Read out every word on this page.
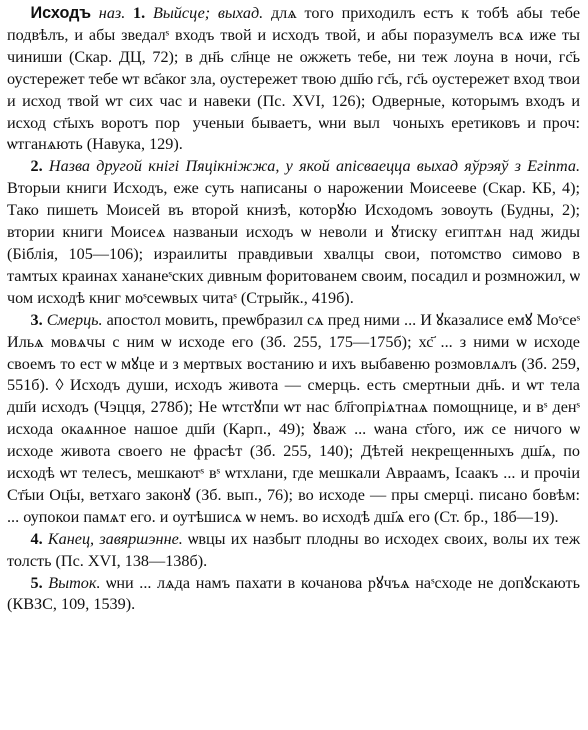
Исходъ наз. 1. Выйсце; выхад. длѧ того приходилъ естъ к тобѣ абы тебе подвѣлъ, и абы зведалˢ входъ твой и исходъ твой, и абы поразумелъ всѧ иже ты чиниши (Скар. ДЦ, 72); в дн҃ь сл҃нце не ожжеть тебе, ни теж лоуна в ночи, гс҃ь оустережет тебе ѡт вс҃акоr зла, оустережет твою дш҃ю гс҃ь, гс҃ь оустережет вход твои и исход твой ѡт сих час и навеки (Пс. XVI, 126); Одверные, которымъ входъ и исход ст҃ыхъ воротъ пор꙽ученыи бываетъ, ѡни вылꙋчоныхъ еретиковъ и проч: ѡтганѧють (Навука, 129).

2. Назва другой кнігі Пяцікніжжа, у якой апісваецца выхад яўрэяў з Егіпта. Вторыи книги Исходъ, еже суть написаны о нарожении Моисееве (Скар. КБ, 4); Тако пишеть Моисей въ второй книзѣ, которꙋю Исходомъ зовоуть (Будны, 2); втории книги Моисеѧ названыи исходъ ѡ неволи и ꙋтиску египтѧн над жиды (Біблія, 105—106); израилиты правдивыи хвалцы свои, потомство симово в тамтых краинах хананеˢских дивным форитованем своим, посадил и розмножил, ѡ чом исходѣ книг моˢсеѡвых читаˢ (Стрыйк., 419б).

3. Смерць. апостол мовить, преѡбразил сѧ пред ними ... И ꙋказалисе емꙋ Моˢсеˢ Ильѧ мовѧчы с ним ѡ исходе его (Зб. 255, 175—175б); хс҃ ... з ними ѡ исходе своемъ то ест ѡ мꙋце и з мертвых востанию и ихъ выбавеню розмовлѧлъ (Зб. 259, 551б). ◊ Исходъ души, исходъ живота — смерць. есть смертныи дн҃ь. и ѡт тела дш҃и исходъ (Чэцця, 278б); Не ѡтстꙋпи ѡт нас бл҃гопріѧтнаѧ помощнице, и вˢ денˢ исхода окаѧнное нашое дш҃и (Карп., 49); ꙋваж ... ѡана ст҃ого, иж се ничого ѡ исходе живота своего не фрасѣт (Зб. 255, 140); Дѣтей некрещенныхъ дш҃ѧ, по исходѣ ѡт телесъ, мешкаютˢ вˢ ѡтхлани, где мешкали Авраамъ, Ісаакъ ... и прочіи Ст҃ыи Оц҃ы, ветхаго законꙋ (Зб. вып., 76); во исходе — пры смерці. писано бовѣм: ... оупокои памѧт его. и оутѣшисѧ ѡ немъ. во исходѣ дш҃ѧ его (Ст. бр., 18б—19).

4. Канец, завяршэнне. ѡвцы их назбыт плодны во исходех своих, волы их теж толсть (Пс. XVI, 138—138б).

5. Выток. ѡни ... лѧда намъ пахати в кочанова рꙋчъѧ наˢсходе не допꙋскають (КВЗС, 109, 1539).
